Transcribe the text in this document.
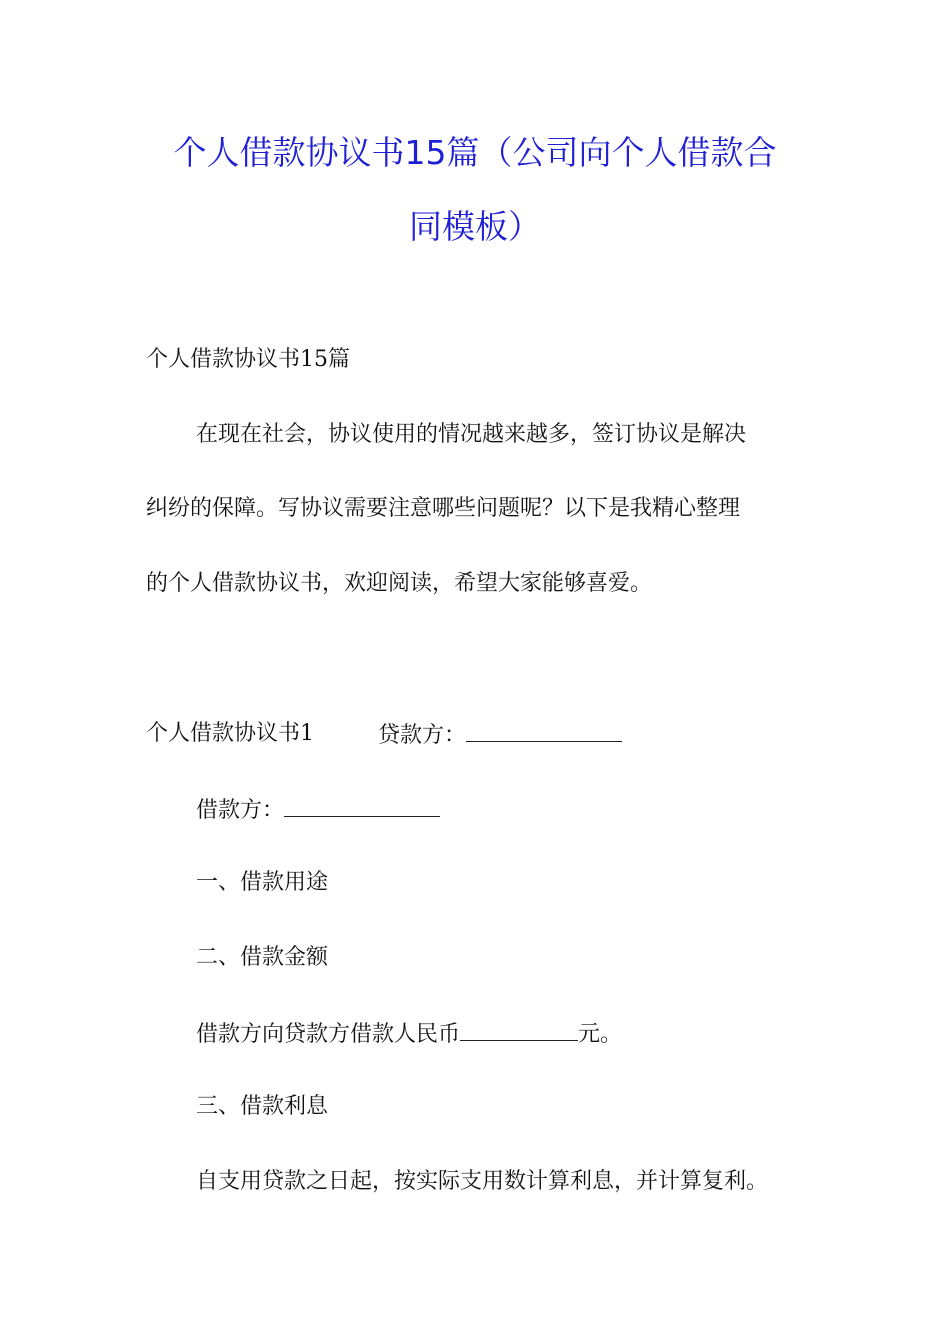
个人借款协议书15篇（公司向个人借款合
同模板）
个人借款协议书15篇
在现在社会，协议使用的情况越来越多，签订协议是解决
纠纷的保障。写协议需要注意哪些问题呢？以下是我精心整理
的个人借款协议书，欢迎阅读，希望大家能够喜爱。
个人借款协议书1	贷款方：
借款方：
一、借款用途
二、借款金额
借款方向贷款方借款人民币	元。
三、借款利息
自支用贷款之日起，按实际支用数计算利息，并计算复利。
